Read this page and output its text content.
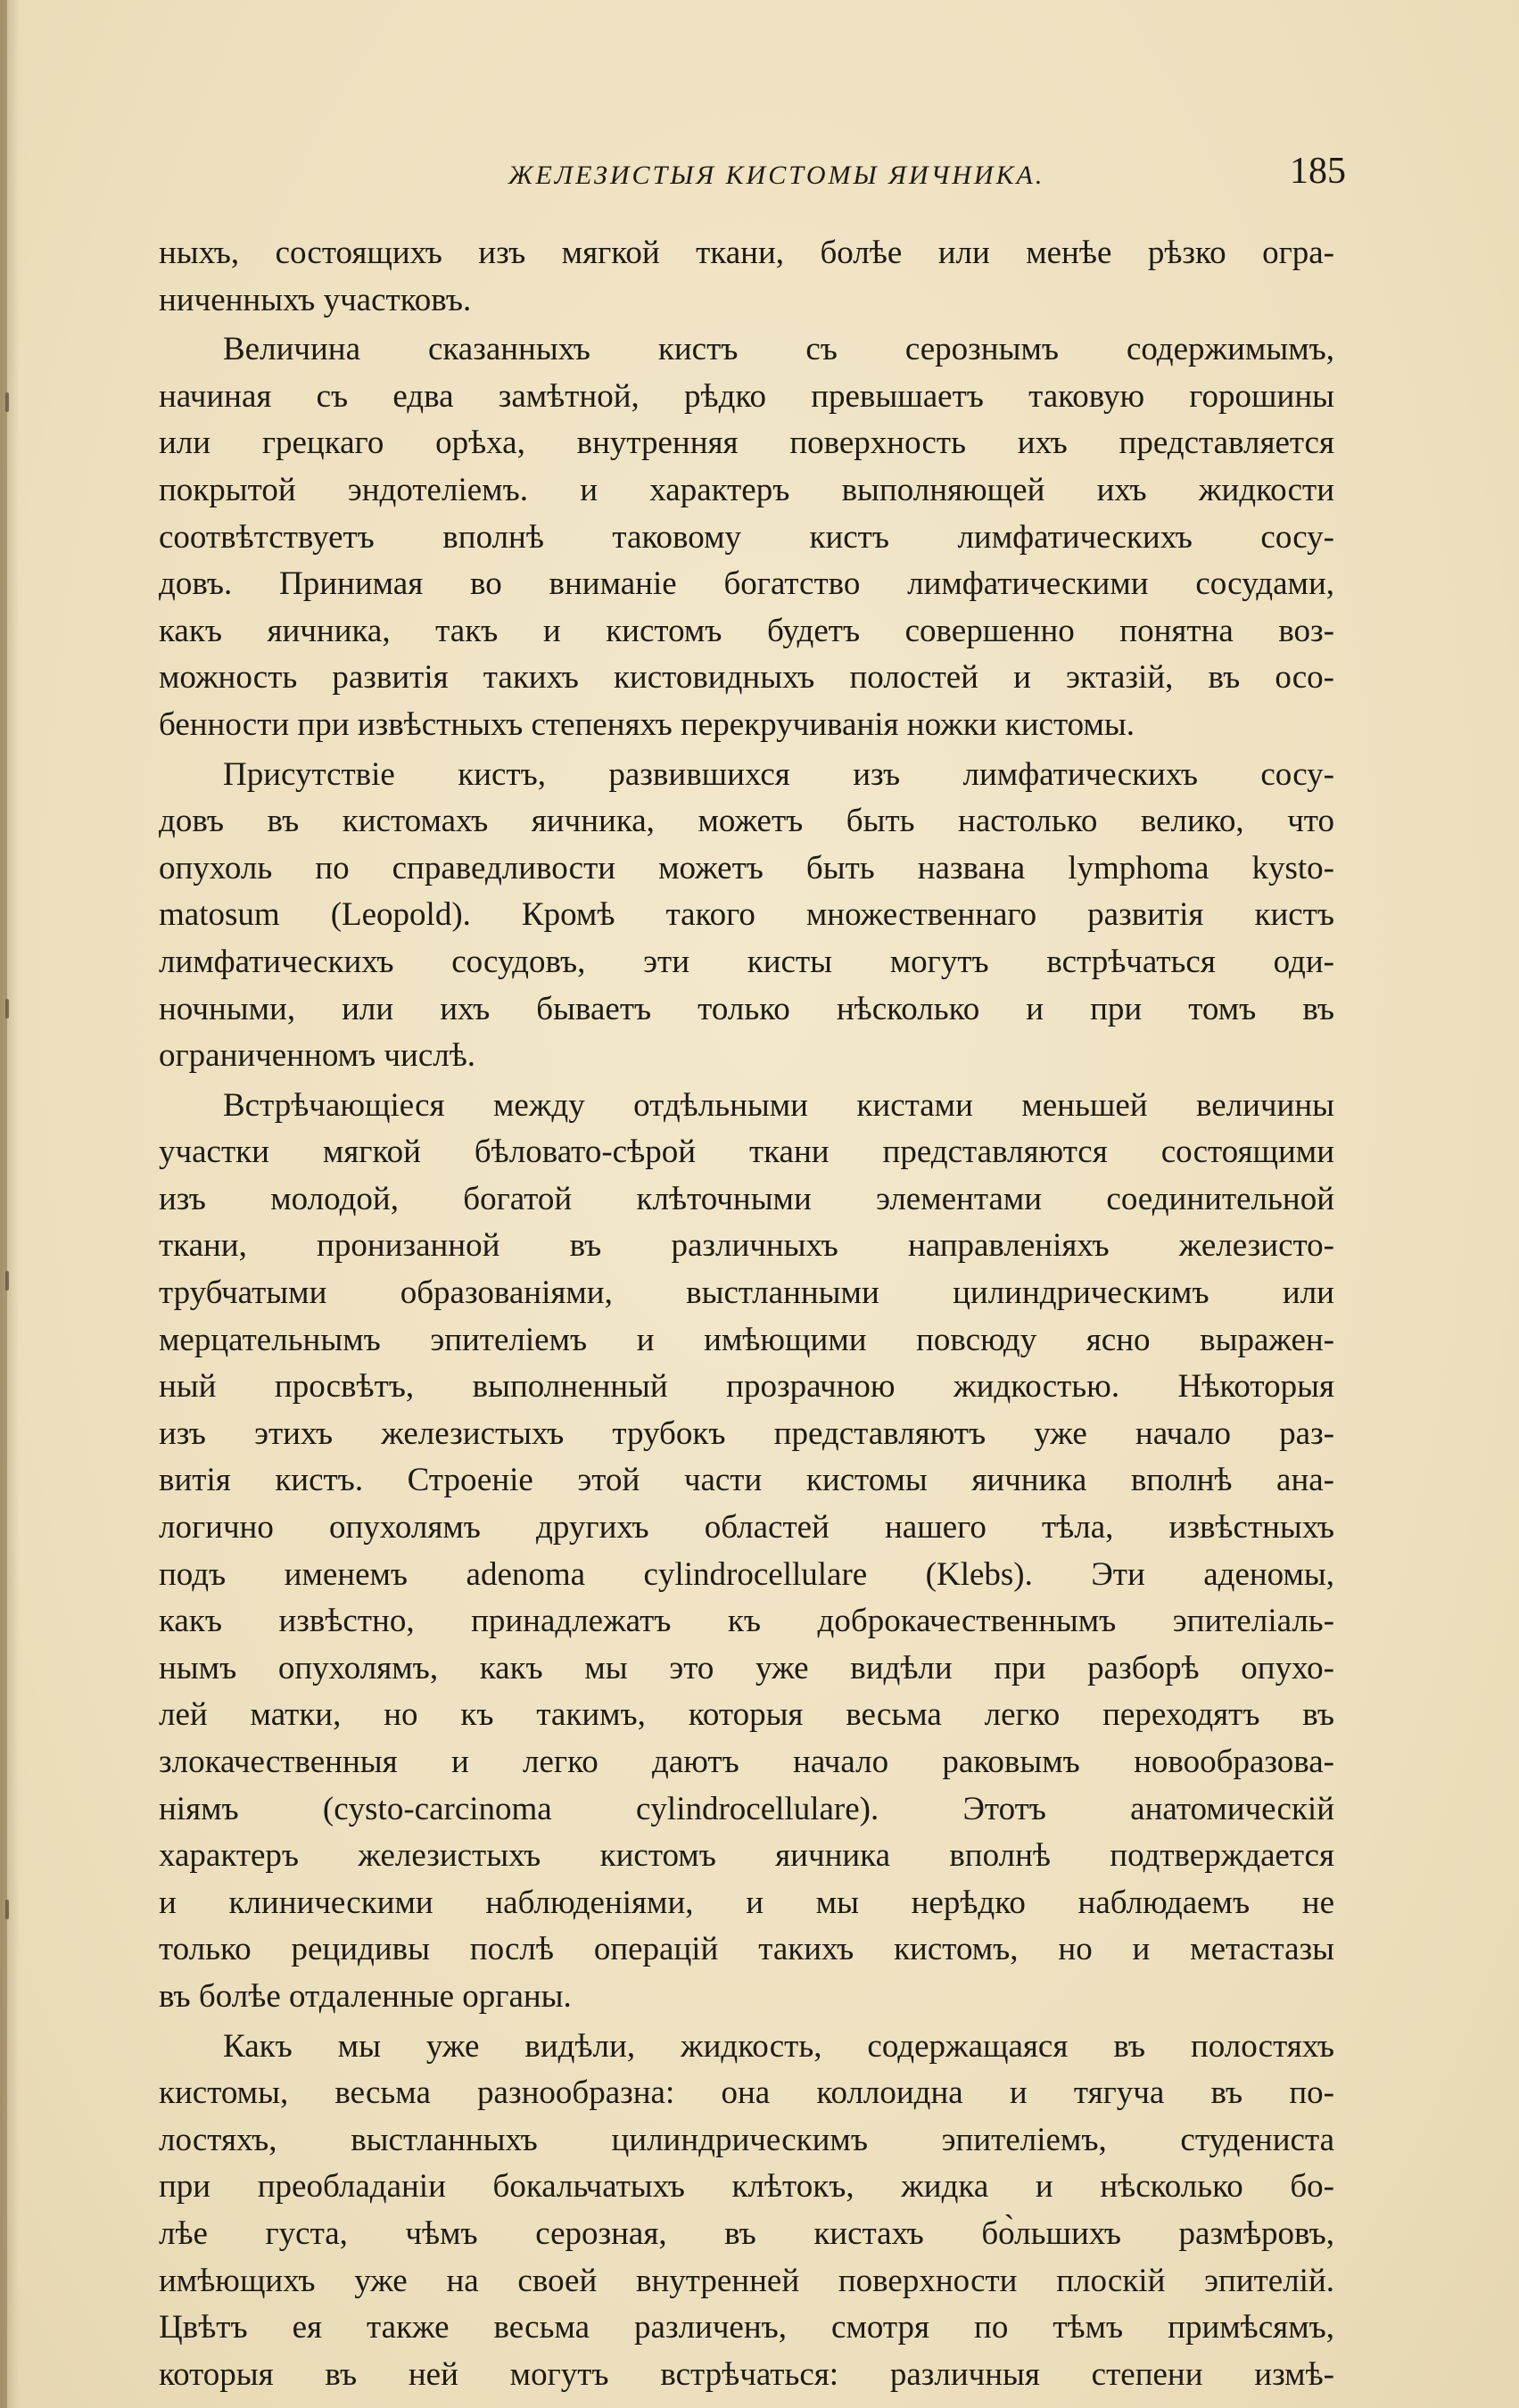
ЖЕЛЕЗИСТЫЯ КИСТОМЫ ЯИЧНИКА.	185
ныхъ, состоящихъ изъ мягкой ткани, болѣе или менѣе рѣзко огра-
ниченныхъ участковъ.
Величина сказанныхъ кистъ съ серознымъ содержимымъ,
начиная съ едва замѣтной, рѣдко превышаетъ таковую горошины
или грецкаго орѣха, внутренняя поверхность ихъ представляется
покрытой эндотеліемъ. и характеръ выполняющей ихъ жидкости
соотвѣтствуетъ вполнѣ таковому кистъ лимфатическихъ сосу-
довъ. Принимая во вниманіе богатство лимфатическими сосудами,
какъ яичника, такъ и кистомъ будетъ совершенно понятна воз-
можность развитія такихъ кистовидныхъ полостей и эктазій, въ осо-
бенности при извѣстныхъ степеняхъ перекручиванія ножки кистомы.
Присутствіе кистъ, развившихся изъ лимфатическихъ сосу-
довъ въ кистомахъ яичника, можетъ быть настолько велико, что
опухоль по справедливости можетъ быть названа lymphoma kysto-
matosum (Leopold). Кромѣ такого множественнаго развитія кистъ
лимфатическихъ сосудовъ, эти кисты могутъ встрѣчаться оди-
ночными, или ихъ бываетъ только нѣсколько и при томъ въ
ограниченномъ числѣ.
Встрѣчающіеся между отдѣльными кистами меньшей величины
участки мягкой бѣловато-сѣрой ткани представляются состоящими
изъ молодой, богатой клѣточными элементами соединительной
ткани, пронизанной въ различныхъ направленіяхъ железисто-
трубчатыми образованіями, выстланными цилиндрическимъ или
мерцательнымъ эпителіемъ и имѣющими повсюду ясно выражен-
ный просвѣтъ, выполненный прозрачною жидкостью. Нѣкоторыя
изъ этихъ железистыхъ трубокъ представляютъ уже начало раз-
витія кистъ. Строеніе этой части кистомы яичника вполнѣ ана-
логично опухолямъ другихъ областей нашего тѣла, извѣстныхъ
подъ именемъ adenoma cylindrocellulare (Klebs). Эти аденомы,
какъ извѣстно, принадлежатъ къ доброкачественнымъ эпителіаль-
нымъ опухолямъ, какъ мы это уже видѣли при разборѣ опухо-
лей матки, но къ такимъ, которыя весьма легко переходятъ въ
злокачественныя и легко даютъ начало раковымъ новообразова-
ніямъ (cysto-carcinoma cylindrocellulare). Этотъ анатомическій
характеръ железистыхъ кистомъ яичника вполнѣ подтверждается
и клиническими наблюденіями, и мы нерѣдко наблюдаемъ не
только рецидивы послѣ операцій такихъ кистомъ, но и метастазы
въ болѣе отдаленные органы.
Какъ мы уже видѣли, жидкость, содержащаяся въ полостяхъ
кистомы, весьма разнообразна: она коллоидна и тягуча въ по-
лостяхъ, выстланныхъ цилиндрическимъ эпителіемъ, студениста
при преобладаніи бокальчатыхъ клѣтокъ, жидка и нѣсколько бо-
лѣе густа, чѣмъ серозная, въ кистахъ бо̀льшихъ размѣровъ,
имѣющихъ уже на своей внутренней поверхности плоскій эпителій.
Цвѣтъ ея также весьма различенъ, смотря по тѣмъ примѣсямъ,
которыя въ ней могутъ встрѣчаться: различныя степени измѣ-
